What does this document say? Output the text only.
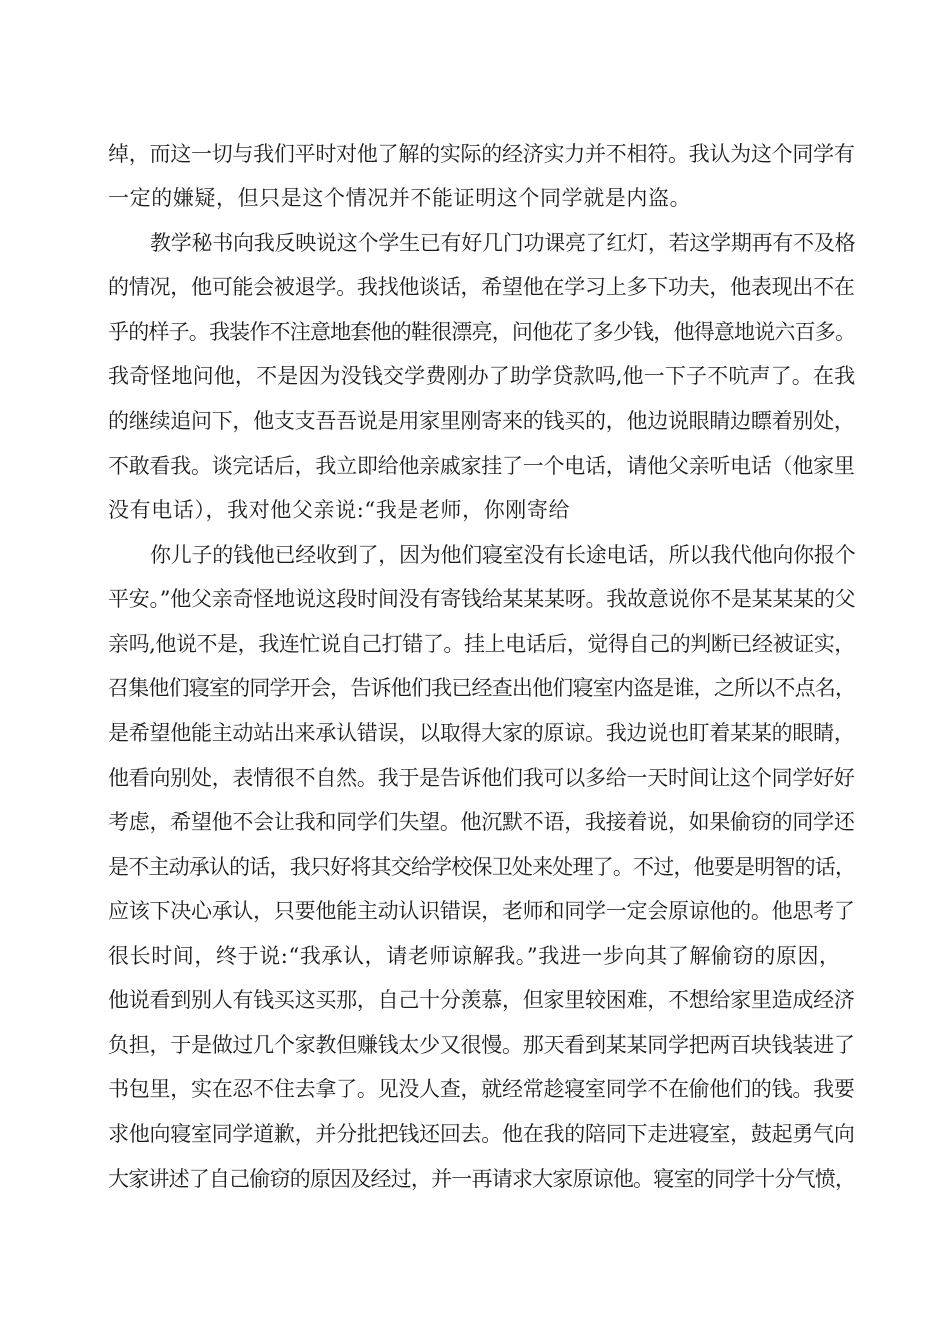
绰，而这一切与我们平时对他了解的实际的经济实力并不相符。我认为这个同学有
一定的嫌疑，但只是这个情况并不能证明这个同学就是内盗。
教学秘书向我反映说这个学生已有好几门功课亮了红灯，若这学期再有不及格
的情况，他可能会被退学。我找他谈话，希望他在学习上多下功夫，他表现出不在
乎的样子。我装作不注意地套他的鞋很漂亮，问他花了多少钱，他得意地说六百多。
我奇怪地问他，不是因为没钱交学费刚办了助学贷款吗,他一下子不吭声了。在我
的继续追问下，他支支吾吾说是用家里刚寄来的钱买的，他边说眼睛边瞟着别处，
不敢看我。谈完话后，我立即给他亲戚家挂了一个电话，请他父亲听电话（他家里
没有电话），我对他父亲说:“我是老师，你刚寄给
你儿子的钱他已经收到了，因为他们寝室没有长途电话，所以我代他向你报个
平安。”他父亲奇怪地说这段时间没有寄钱给某某某呀。我故意说你不是某某某的父
亲吗,他说不是，我连忙说自己打错了。挂上电话后，觉得自己的判断已经被证实，
召集他们寝室的同学开会，告诉他们我已经查出他们寝室内盗是谁，之所以不点名，
是希望他能主动站出来承认错误，以取得大家的原谅。我边说也盯着某某的眼睛，
他看向别处，表情很不自然。我于是告诉他们我可以多给一天时间让这个同学好好
考虑，希望他不会让我和同学们失望。他沉默不语，我接着说，如果偷窃的同学还
是不主动承认的话，我只好将其交给学校保卫处来处理了。不过，他要是明智的话，
应该下决心承认，只要他能主动认识错误，老师和同学一定会原谅他的。他思考了
很长时间，终于说:“我承认，请老师谅解我。”我进一步向其了解偷窃的原因，
他说看到别人有钱买这买那，自己十分羡慕，但家里较困难，不想给家里造成经济
负担，于是做过几个家教但赚钱太少又很慢。那天看到某某同学把两百块钱装进了
书包里，实在忍不住去拿了。见没人查，就经常趁寝室同学不在偷他们的钱。我要
求他向寝室同学道歉，并分批把钱还回去。他在我的陪同下走进寝室，鼓起勇气向
大家讲述了自己偷窃的原因及经过，并一再请求大家原谅他。寝室的同学十分气愤，
